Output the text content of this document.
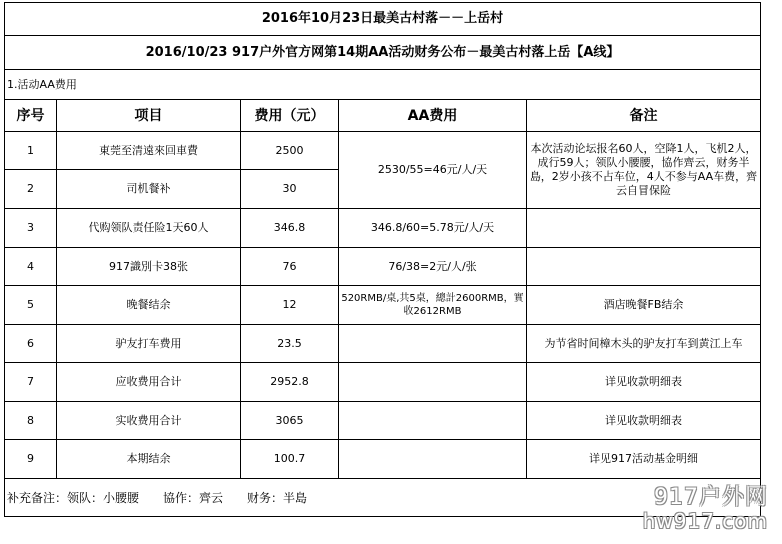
2016年10月23日最美古村落－－上岳村				
2016/10/23 917户外官方网第14期AA活动财务公布－最美古村落上岳【A线】				
1.活动AA费用				
序号	项目	费用（元）	AA费用	备注
1	東莞至清遠來回車費	2500	2530/55=46元/人/天	本次活动论坛报名60人，空降1人，飞机2人，成行59人；领队小腰腰，協作齊云，财务半島，2岁小孩不占车位，4人不参与AA车费，齊云自冒保险
2	司机餐补	30		
3	代购领队责任险1天60人	346.8	346.8/60=5.78元/人/天	
4	917識別卡38张	76	76/38=2元/人/张	
5	晚餐结余	12	520RMB/桌,共5桌，總計2600RMB，實收2612RMB	酒店晚餐FB结余
6	驴友打车费用	23.5		为节省时间樟木头的驴友打车到黄江上车
7	应收费用合计	2952.8		详见收款明细表
8	实收费用合计	3065		详见收款明细表
9	本期结余	100.7		详见917活动基金明细
补充备注：领队：小腰腰　　協作：齊云　　财务：半島					917户外网
hw917.com
